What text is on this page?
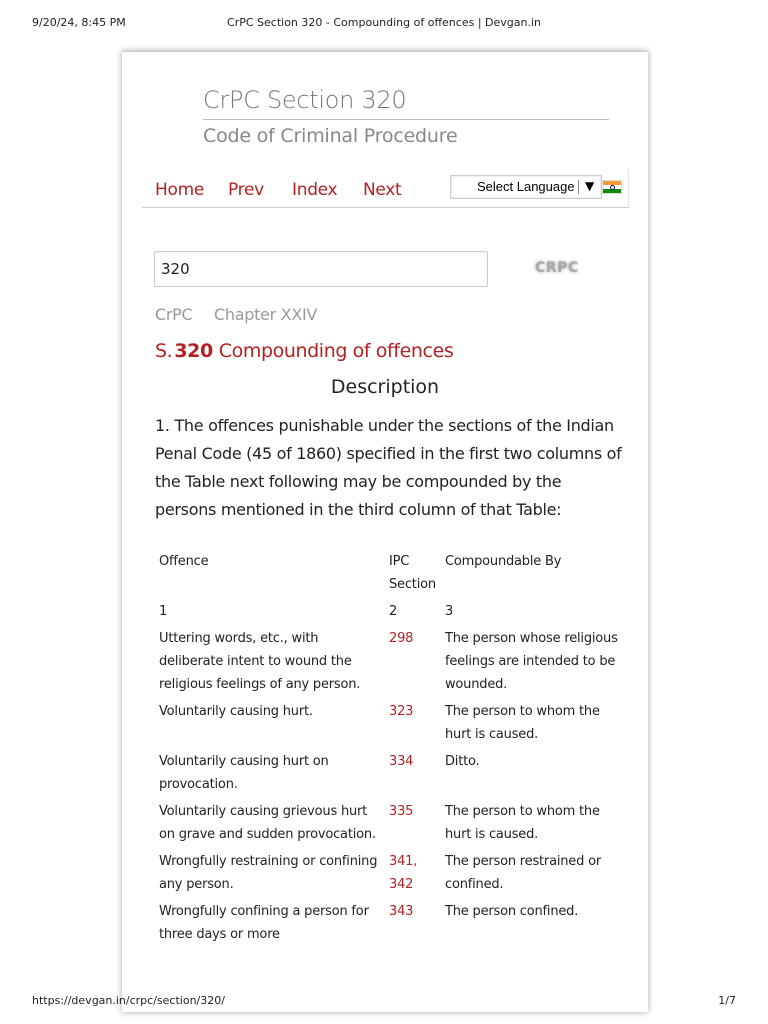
9/20/24, 8:45 PM	CrPC Section 320 - Compounding of offences | Devgan.in
CrPC Section 320
Code of Criminal Procedure
Home Prev Index Next	Select Language ▼
320
CRPC
CrPC Chapter XXIV
S. 320 Compounding of offences
Description
1. The offences punishable under the sections of the Indian Penal Code (45 of 1860) specified in the first two columns of the Table next following may be compounded by the persons mentioned in the third column of that Table:
Offence	IPC Section	Compoundable By
1	2	3
Uttering words, etc., with deliberate intent to wound the religious feelings of any person.	298	The person whose religious feelings are intended to be wounded.
Voluntarily causing hurt.	323	The person to whom the hurt is caused.
Voluntarily causing hurt on provocation.	334	Ditto.
Voluntarily causing grievous hurt on grave and sudden provocation.	335	The person to whom the hurt is caused.
Wrongfully restraining or confining any person.	341, 342	The person restrained or confined.
Wrongfully confining a person for three days or more	343	The person confined.
https://devgan.in/crpc/section/320/	1/7
